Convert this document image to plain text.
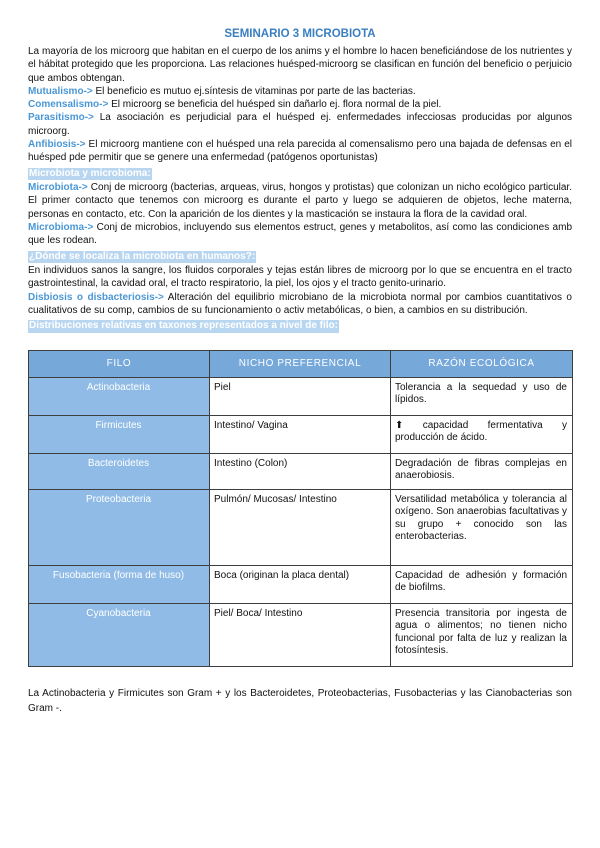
SEMINARIO 3 MICROBIOTA

La mayoría de los microorg que habitan en el cuerpo de los anims y el hombre lo hacen beneficiándose de los nutrientes y el hábitat protegido que les proporciona. Las relaciones huésped-microorg se clasifican en función del beneficio o perjuicio que ambos obtengan.

Mutualismo-> El beneficio es mutuo ej.síntesis de vitaminas por parte de las bacterias.

Comensalismo-> El microorg se beneficia del huésped sin dañarlo ej. flora normal de la piel.

Parasitismo-> La asociación es perjudicial para el huésped ej. enfermedades infecciosas producidas por algunos microorg.

Anfibiosis-> El microorg mantiene con el huésped una rela parecida al comensalismo pero una bajada de defensas en el huésped pde permitir que se genere una enfermedad (patógenos oportunistas)

Microbiota y microbioma:

Microbiota-> Conj de microorg (bacterias, arqueas, virus, hongos y protistas) que colonizan un nicho ecológico particular. El primer contacto que tenemos con microorg es durante el parto y luego se adquieren de objetos, leche materna, personas en contacto, etc. Con la aparición de los dientes y la masticación se instaura la flora de la cavidad oral.

Microbioma-> Conj de microbios, incluyendo sus elementos estruct, genes y metabolitos, así como las condiciones amb que les rodean.

¿Dónde se localiza la microbiota en humanos?:

En individuos sanos la sangre, los fluidos corporales y tejas están libres de microorg por lo que se encuentra en el tracto gastrointestinal, la cavidad oral, el tracto respiratorio, la piel, los ojos y el tracto genito-urinario.

Disbiosis o disbacteriosis-> Alteración del equilibrio microbiano de la microbiota normal por cambios cuantitativos o cualitativos de su comp, cambios de su funcionamiento o activ metabólicas, o bien, a cambios en su distribución.

Distribuciones relativas en taxones representados a nivel de filo:
FILO	NICHO PREFERENCIAL	RAZÓN ECOLÓGICA
Actinobacteria	Piel	Tolerancia a la sequedad y uso de lípidos.
Firmicutes	Intestino/ Vagina	⬆ capacidad fermentativa y producción de ácido.
Bacteroidetes	Intestino (Colon)	Degradación de fibras complejas en anaerobiosis.
Proteobacteria	Pulmón/ Mucosas/ Intestino	Versatilidad metabólica y tolerancia al oxígeno. Son anaerobias facultativas y su grupo + conocido son las enterobacterias.
Fusobacteria (forma de huso)	Boca (originan la placa dental)	Capacidad de adhesión y formación de biofilms.
Cyanobacteria	Piel/ Boca/ Intestino	Presencia transitoria por ingesta de agua o alimentos; no tienen nicho funcional por falta de luz y realizan la fotosíntesis.

La Actinobacteria y Firmicutes son Gram + y los Bacteroidetes, Proteobacterias, Fusobacterias y las Cianobacterias son Gram -.
